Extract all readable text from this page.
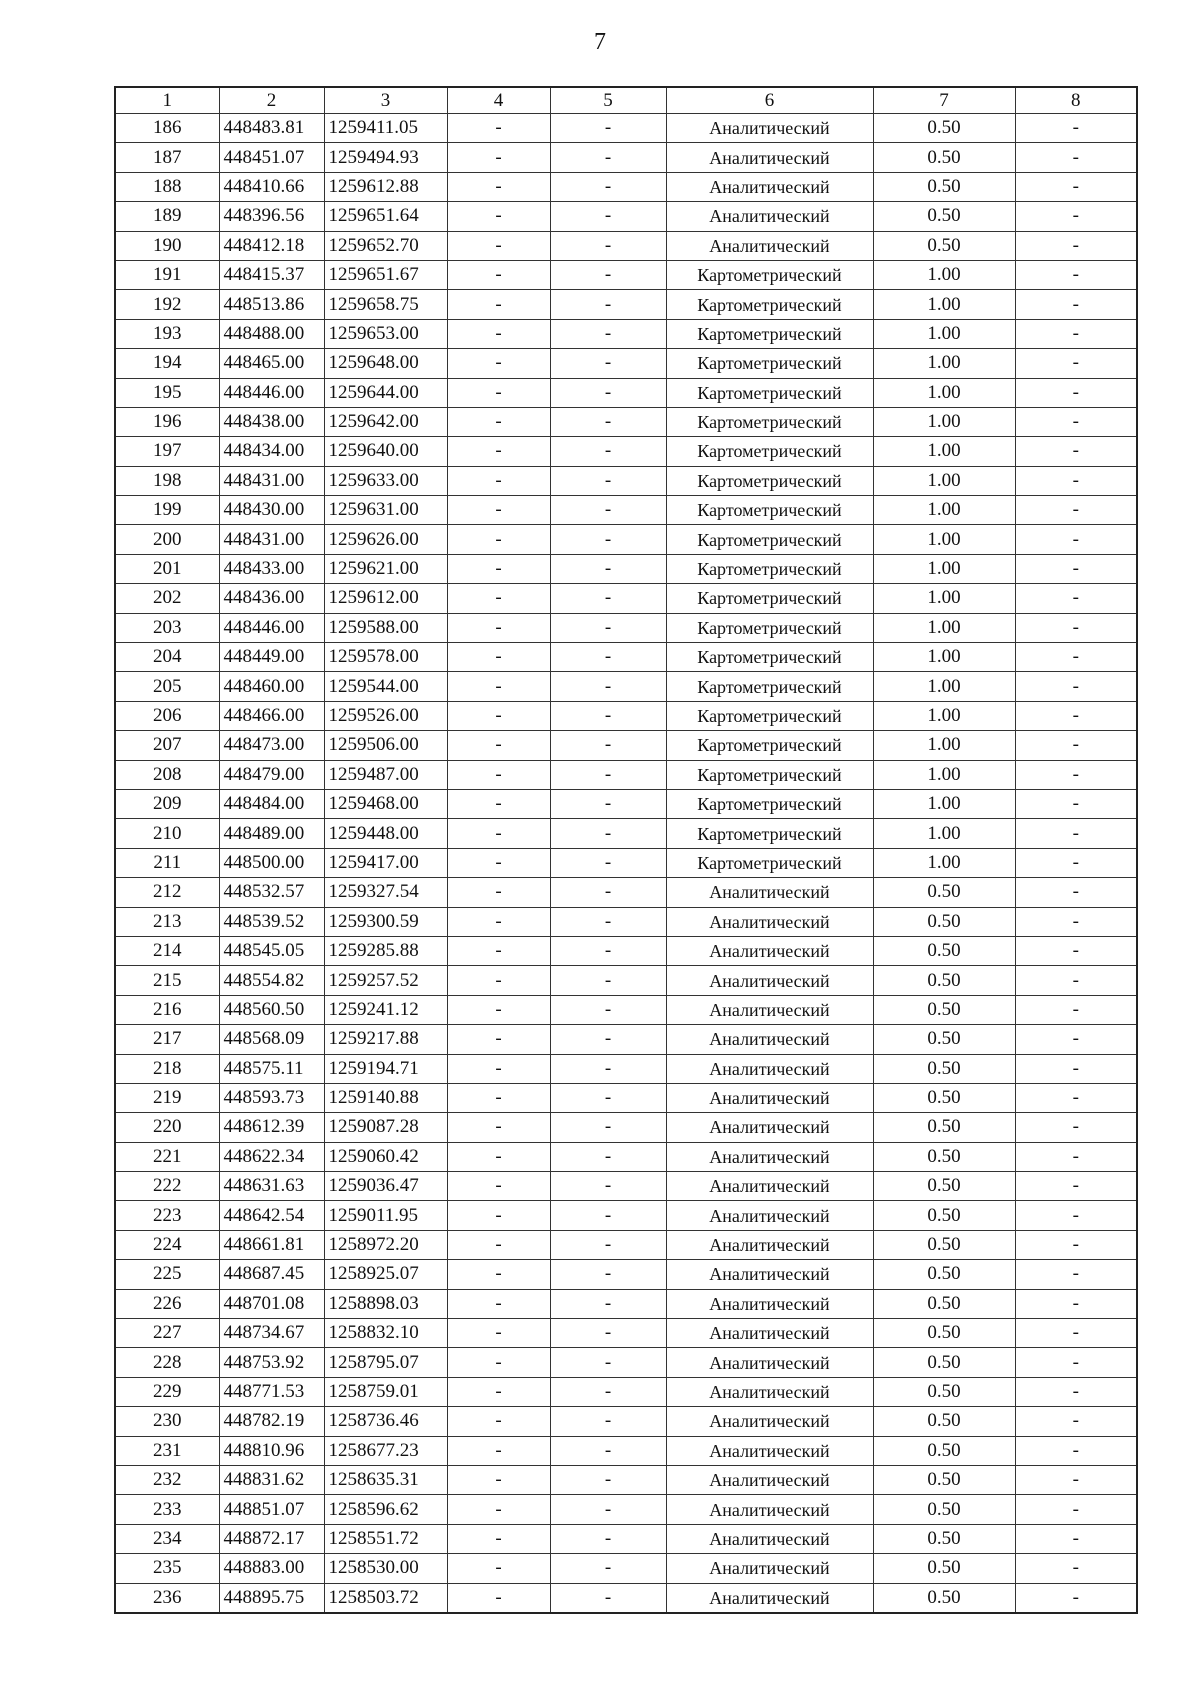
7
1	2	3	4	5	6	7	8
186	448483.81	1259411.05	-	-	Аналитический	0.50	-
187	448451.07	1259494.93	-	-	Аналитический	0.50	-
188	448410.66	1259612.88	-	-	Аналитический	0.50	-
189	448396.56	1259651.64	-	-	Аналитический	0.50	-
190	448412.18	1259652.70	-	-	Аналитический	0.50	-
191	448415.37	1259651.67	-	-	Картометрический	1.00	-
192	448513.86	1259658.75	-	-	Картометрический	1.00	-
193	448488.00	1259653.00	-	-	Картометрический	1.00	-
194	448465.00	1259648.00	-	-	Картометрический	1.00	-
195	448446.00	1259644.00	-	-	Картометрический	1.00	-
196	448438.00	1259642.00	-	-	Картометрический	1.00	-
197	448434.00	1259640.00	-	-	Картометрический	1.00	-
198	448431.00	1259633.00	-	-	Картометрический	1.00	-
199	448430.00	1259631.00	-	-	Картометрический	1.00	-
200	448431.00	1259626.00	-	-	Картометрический	1.00	-
201	448433.00	1259621.00	-	-	Картометрический	1.00	-
202	448436.00	1259612.00	-	-	Картометрический	1.00	-
203	448446.00	1259588.00	-	-	Картометрический	1.00	-
204	448449.00	1259578.00	-	-	Картометрический	1.00	-
205	448460.00	1259544.00	-	-	Картометрический	1.00	-
206	448466.00	1259526.00	-	-	Картометрический	1.00	-
207	448473.00	1259506.00	-	-	Картометрический	1.00	-
208	448479.00	1259487.00	-	-	Картометрический	1.00	-
209	448484.00	1259468.00	-	-	Картометрический	1.00	-
210	448489.00	1259448.00	-	-	Картометрический	1.00	-
211	448500.00	1259417.00	-	-	Картометрический	1.00	-
212	448532.57	1259327.54	-	-	Аналитический	0.50	-
213	448539.52	1259300.59	-	-	Аналитический	0.50	-
214	448545.05	1259285.88	-	-	Аналитический	0.50	-
215	448554.82	1259257.52	-	-	Аналитический	0.50	-
216	448560.50	1259241.12	-	-	Аналитический	0.50	-
217	448568.09	1259217.88	-	-	Аналитический	0.50	-
218	448575.11	1259194.71	-	-	Аналитический	0.50	-
219	448593.73	1259140.88	-	-	Аналитический	0.50	-
220	448612.39	1259087.28	-	-	Аналитический	0.50	-
221	448622.34	1259060.42	-	-	Аналитический	0.50	-
222	448631.63	1259036.47	-	-	Аналитический	0.50	-
223	448642.54	1259011.95	-	-	Аналитический	0.50	-
224	448661.81	1258972.20	-	-	Аналитический	0.50	-
225	448687.45	1258925.07	-	-	Аналитический	0.50	-
226	448701.08	1258898.03	-	-	Аналитический	0.50	-
227	448734.67	1258832.10	-	-	Аналитический	0.50	-
228	448753.92	1258795.07	-	-	Аналитический	0.50	-
229	448771.53	1258759.01	-	-	Аналитический	0.50	-
230	448782.19	1258736.46	-	-	Аналитический	0.50	-
231	448810.96	1258677.23	-	-	Аналитический	0.50	-
232	448831.62	1258635.31	-	-	Аналитический	0.50	-
233	448851.07	1258596.62	-	-	Аналитический	0.50	-
234	448872.17	1258551.72	-	-	Аналитический	0.50	-
235	448883.00	1258530.00	-	-	Аналитический	0.50	-
236	448895.75	1258503.72	-	-	Аналитический	0.50	-
